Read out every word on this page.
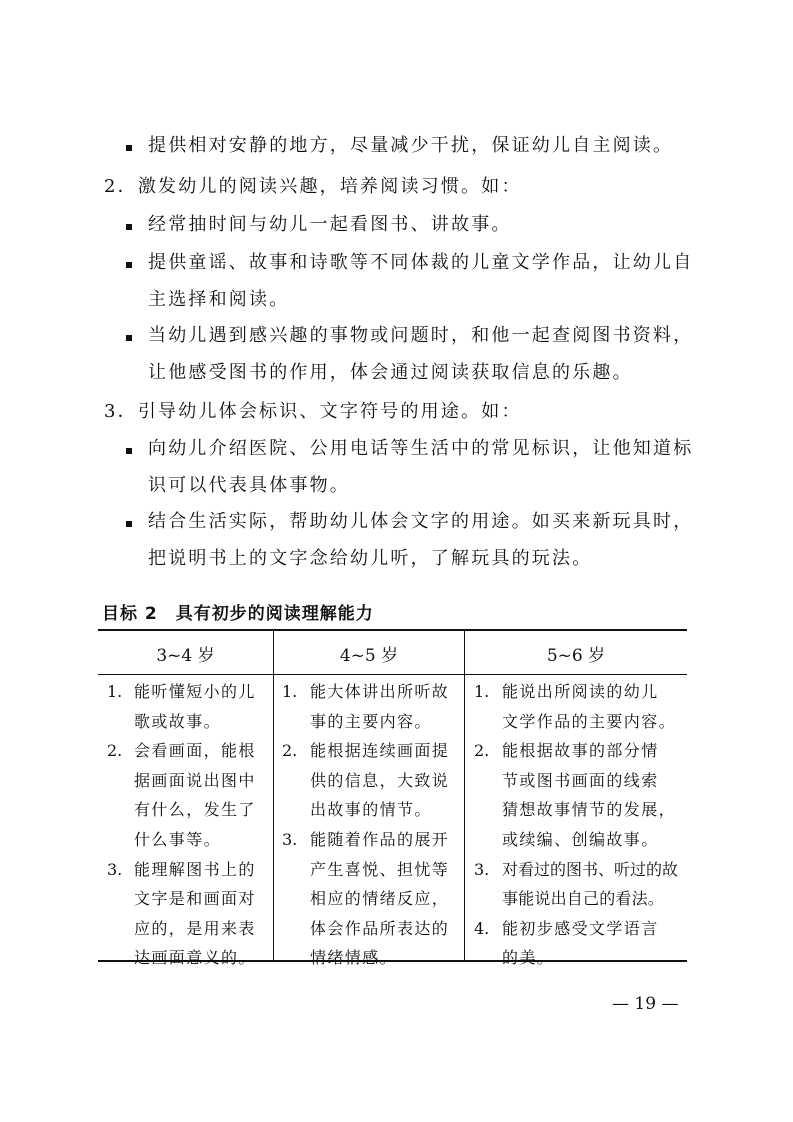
提供相对安静的地方，尽量减少干扰，保证幼儿自主阅读。
2．激发幼儿的阅读兴趣，培养阅读习惯。如：
经常抽时间与幼儿一起看图书、讲故事。
提供童谣、故事和诗歌等不同体裁的儿童文学作品，让幼儿自
主选择和阅读。
当幼儿遇到感兴趣的事物或问题时，和他一起查阅图书资料，
让他感受图书的作用，体会通过阅读获取信息的乐趣。
3．引导幼儿体会标识、文字符号的用途。如：
向幼儿介绍医院、公用电话等生活中的常见标识，让他知道标
识可以代表具体事物。
结合生活实际，帮助幼儿体会文字的用途。如买来新玩具时，
把说明书上的文字念给幼儿听，了解玩具的玩法。
目标 2　具有初步的阅读理解能力
3~4 岁	4~5 岁	5~6 岁
1. 能听懂短小的儿
歌或故事。
2. 会看画面，能根
据画面说出图中
有什么，发生了
什么事等。
3. 能理解图书上的
文字是和画面对
应的，是用来表
达画面意义的。
1. 能大体讲出所听故
事的主要内容。
2. 能根据连续画面提
供的信息，大致说
出故事的情节。
3. 能随着作品的展开
产生喜悦、担忧等
相应的情绪反应，
体会作品所表达的
情绪情感。
1. 能说出所阅读的幼儿
文学作品的主要内容。
2. 能根据故事的部分情
节或图书画面的线索
猜想故事情节的发展，
或续编、创编故事。
3. 对看过的图书、听过的故
事能说出自己的看法。
4. 能初步感受文学语言
的美。
— 19 —
